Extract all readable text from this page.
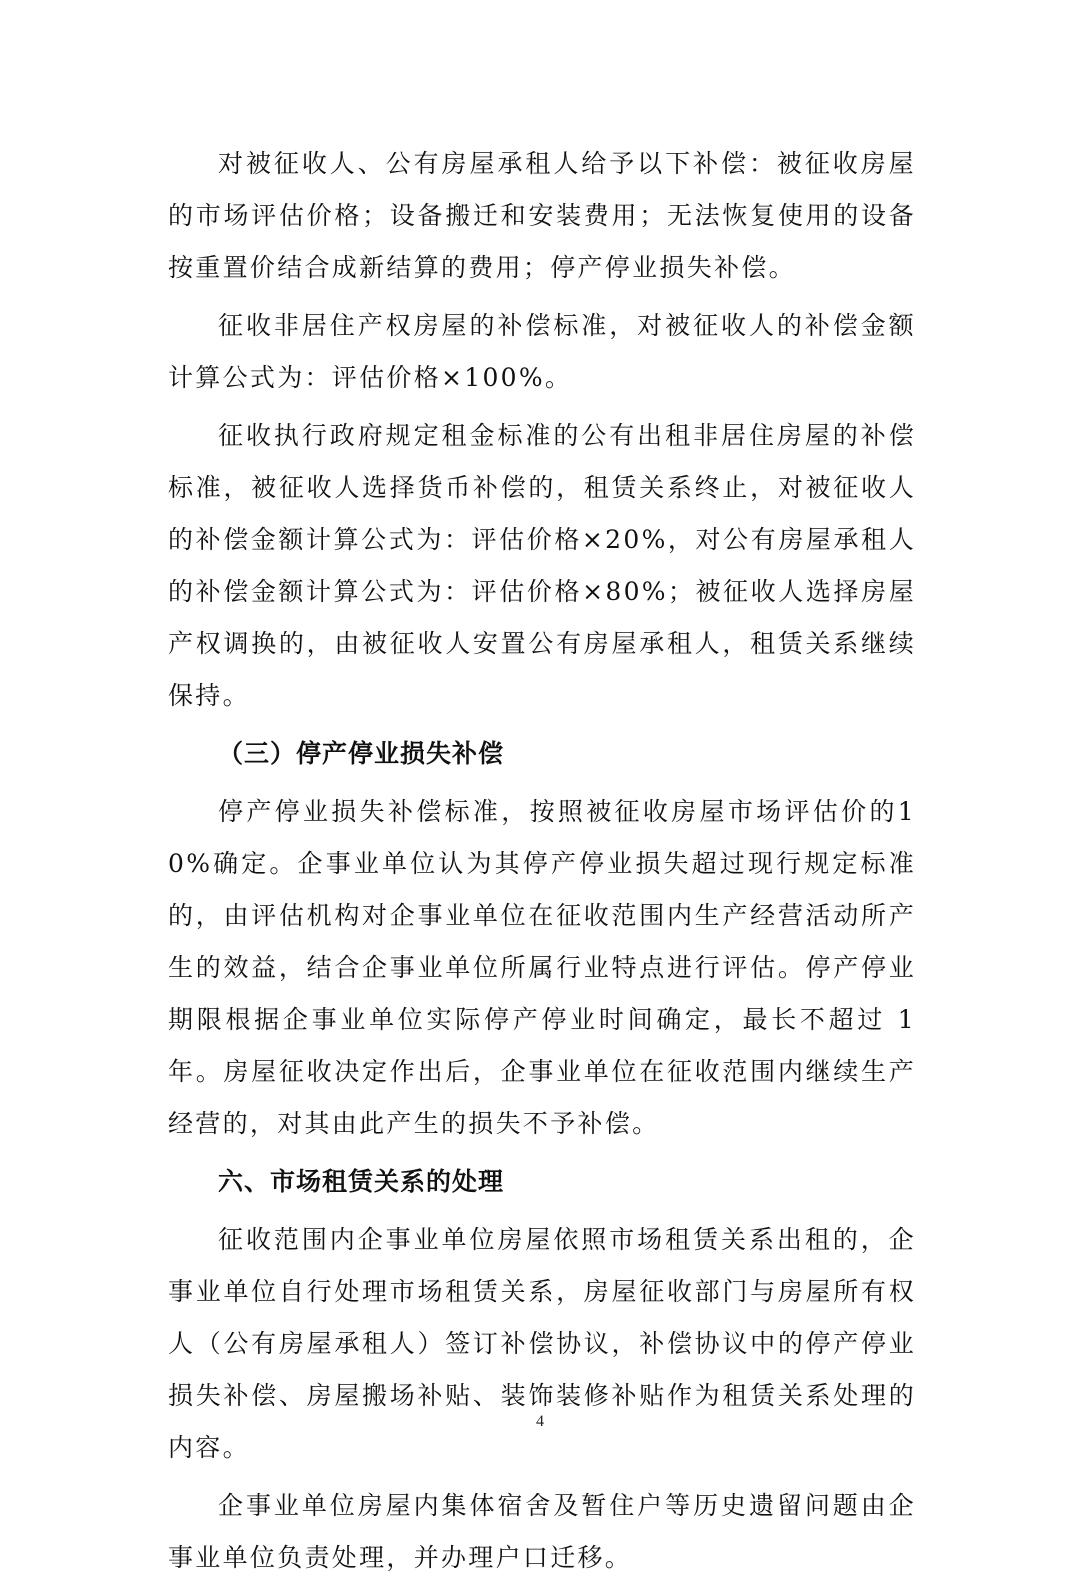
对被征收人、公有房屋承租人给予以下补偿：被征收房屋的市场评估价格；设备搬迁和安装费用；无法恢复使用的设备按重置价结合成新结算的费用；停产停业损失补偿。

征收非居住产权房屋的补偿标准，对被征收人的补偿金额计算公式为：评估价格×100%。

征收执行政府规定租金标准的公有出租非居住房屋的补偿标准，被征收人选择货币补偿的，租赁关系终止，对被征收人的补偿金额计算公式为：评估价格×20%，对公有房屋承租人的补偿金额计算公式为：评估价格×80%；被征收人选择房屋产权调换的，由被征收人安置公有房屋承租人，租赁关系继续保持。

（三）停产停业损失补偿

停产停业损失补偿标准，按照被征收房屋市场评估价的10%确定。企事业单位认为其停产停业损失超过现行规定标准的，由评估机构对企事业单位在征收范围内生产经营活动所产生的效益，结合企事业单位所属行业特点进行评估。停产停业期限根据企事业单位实际停产停业时间确定，最长不超过 1 年。房屋征收决定作出后，企事业单位在征收范围内继续生产经营的，对其由此产生的损失不予补偿。

六、市场租赁关系的处理

征收范围内企事业单位房屋依照市场租赁关系出租的，企事业单位自行处理市场租赁关系，房屋征收部门与房屋所有权人（公有房屋承租人）签订补偿协议，补偿协议中的停产停业损失补偿、房屋搬场补贴、装饰装修补贴作为租赁关系处理的内容。

企事业单位房屋内集体宿舍及暂住户等历史遗留问题由企事业单位负责处理，并办理户口迁移。

4
